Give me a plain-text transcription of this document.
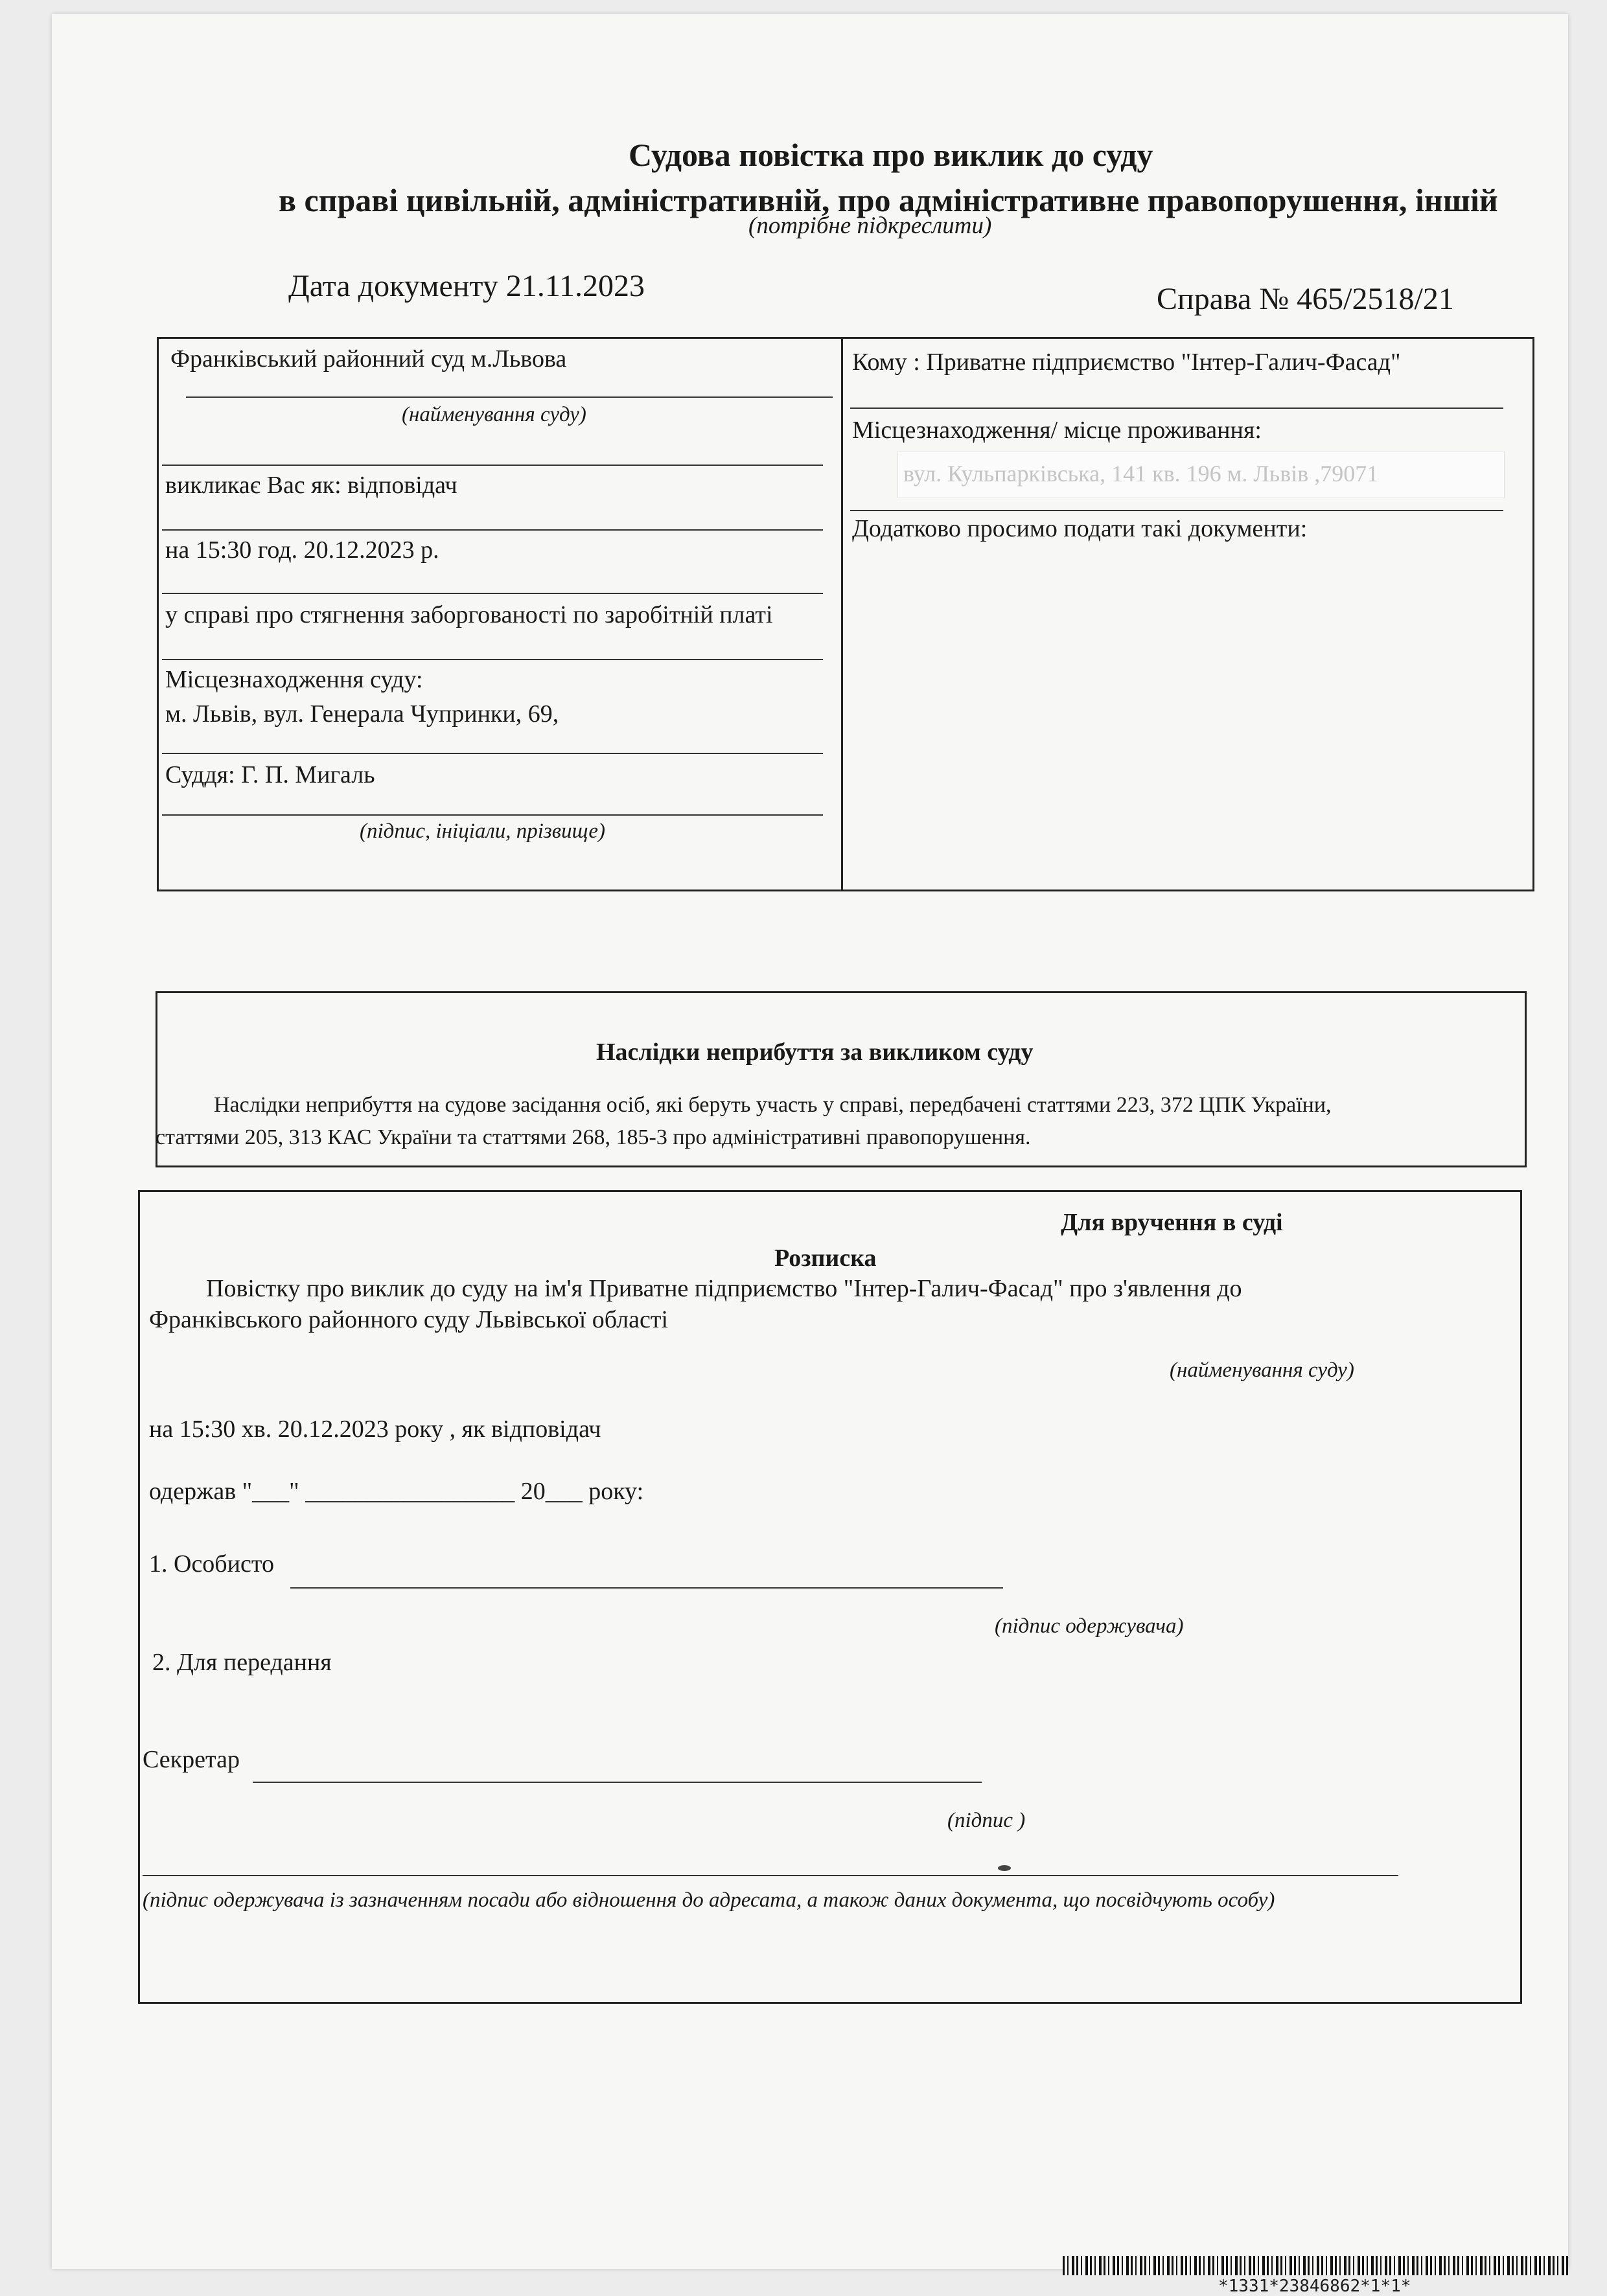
Судова повістка про виклик до суду
в справі цивільній, адміністративній, про адміністративне правопорушення, іншій
(потрібне підкреслити)
Дата документу 21.11.2023	Справа № 465/2518/21
Франківський районний суд м.Львова
(найменування суду)
викликає Вас як: відповідач
на 15:30 год. 20.12.2023 р.
у справі про стягнення заборгованості по заробітній платі
Місцезнаходження суду:
м. Львів, вул. Генерала Чупринки, 69,
Суддя: Г. П. Мигаль
(підпис, ініціали, прізвище)
Кому : Приватне підприємство "Інтер-Галич-Фасад"
Місцезнаходження/ місце проживання:
вул. Кульпарківська, 141 кв. 196 м. Львів ,79071
Додатково просимо подати такі документи:
Наслідки неприбуття за викликом суду
Наслідки неприбуття на судове засідання осіб, які беруть участь у справі, передбачені статтями 223, 372 ЦПК України,
статтями 205, 313 КАС України та статтями 268, 185-3 про адміністративні правопорушення.
Для вручення в суді
Розписка
Повістку про виклик до суду на ім'я Приватне підприємство "Інтер-Галич-Фасад" про з'явлення до
Франківського районного суду Львівської області
(найменування суду)
на 15:30 хв. 20.12.2023 року , як відповідач
одержав "___" _________________ 20___ року:
1. Особисто
(підпис одержувача)
2. Для передання
Секретар
(підпис )
(підпис одержувача із зазначенням посади або відношення до адресата, а також даних документа, що посвідчують особу)
*1331*23846862*1*1*
